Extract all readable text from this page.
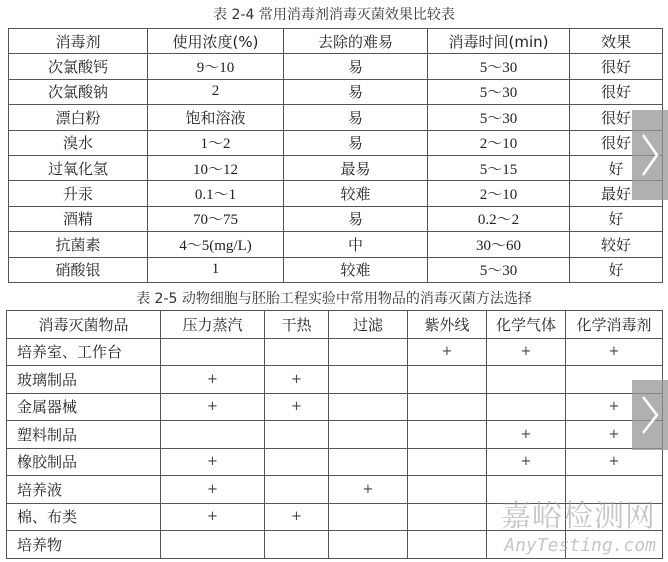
表 2-4 常用消毒剂消毒灭菌效果比较表
消毒剂	使用浓度(%)	去除的难易	消毒时间(min)	效果
次氯酸钙	9～10	易	5～30	很好
次氯酸钠	2	易	5～30	很好
漂白粉	饱和溶液	易	5～30	很好
溴水	1～2	易	2～10	很好
过氧化氢	10～12	最易	5～15	好
升汞	0.1～1	较难	2～10	最好
酒精	70～75	易	0.2～2	好
抗菌素	4～5(mg/L)	中	30～60	较好
硝酸银	1	较难	5～30	好
表 2-5 动物细胞与胚胎工程实验中常用物品的消毒灭菌方法选择
消毒灭菌物品	压力蒸汽	干热	过滤	紫外线	化学气体	化学消毒剂
培养室、工作台				+	+	+
玻璃制品	+	+				
金属器械	+	+				+
塑料制品					+	+
橡胶制品	+				+	+
培养液	+		+			
棉、布类	+	+				
培养物						
嘉峪检测网
AnyTesting.com
